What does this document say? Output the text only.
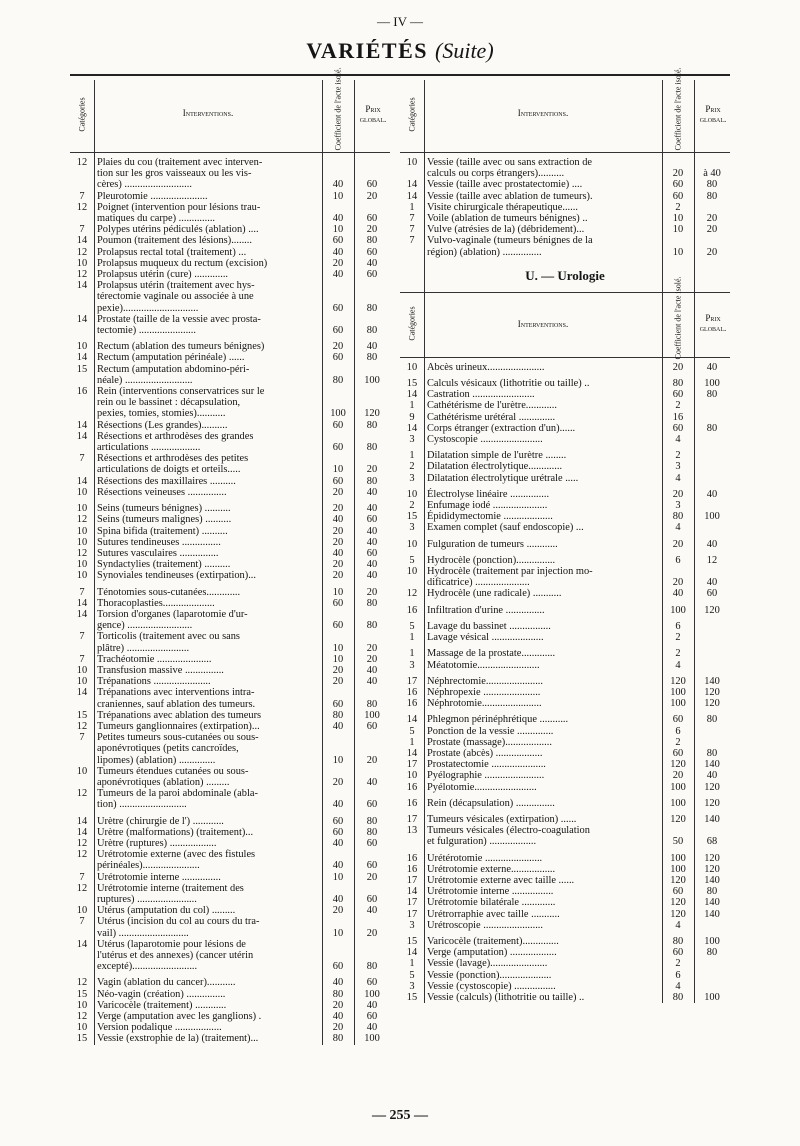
— IV —
VARIÉTÉS (Suite)
Catégories	Interventions.	Coefficient de l'acte isolé.	Prix global.
12 Plaies du cou (traitement avec interven-
tion sur les gros vaisseaux ou les vis-
cères) ..........................	40	60
7	Pleurotomie ......................	10	20
12 Poignet (intervention pour lésions trau-
matiques du carpe) ..............	40	60
7	Polypes utérins pédiculés (ablation) ....	10	20
14 Poumon (traitement des lésions)........	60	80
12 Prolapsus rectal total (traitement) ...	40	60
10 Prolapsus muqueux du rectum (excision)	20	40
12 Prolapsus utérin (cure) .............	40	60
14 Prolapsus utérin (traitement avec hys-
térectomie vaginale ou associée à une
pexie).............................	60	80
14 Prostate (taille de la vessie avec prosta-
tectomie) ......................	60	80
10 Rectum (ablation des tumeurs bénignes)	20	40
14 Rectum (amputation périnéale) ......	60	80
15 Rectum (amputation abdomino-péri-
néale) ..........................	80	100
16 Rein (interventions conservatrices sur le
rein ou le bassinet : décapsulation,
pexies, tomies, stomies)...........	100	120
14 Résections (Les grandes)..........	60	80
14 Résections et arthrodèses des grandes
articulations ...................	60	80
7	Résections et arthrodèses des petites
articulations de doigts et orteils.....	10	20
14 Résections des maxillaires ..........	60	80
10 Résections veineuses ...............	20	40
10 Seins (tumeurs bénignes) ..........	20	40
12 Seins (tumeurs malignes) ..........	40	60
10 Spina bifida (traitement) ..........	20	40
10 Sutures tendineuses ...............	20	40
12 Sutures vasculaires ...............	40	60
10 Syndactylies (traitement) ..........	20	40
10 Synoviales tendineuses (extirpation)...	20	40
7	Ténotomies sous-cutanées.............	10	20
14 Thoracoplasties....................	60	80
14 Torsion d'organes (laparotomie d'ur-
gence) .........................	60	80
7	Torticolis (traitement avec ou sans
plâtre) ........................	10	20
7	Trachéotomie .....................	10	20
10 Transfusion massive ...............	20	40
10 Trépanations ......................	20	40
14 Trépanations avec interventions intra-
craniennes, sauf ablation des tumeurs.	60	80
15 Trépanations avec ablation des tumeurs	80	100
12 Tumeurs ganglionnaires (extirpation)...	40	60
7	Petites tumeurs sous-cutanées ou sous-
aponévrotiques (petits cancroïdes,
lipomes) (ablation) ..............	10	20
10 Tumeurs étendues cutanées ou sous-
aponévrotiques (ablation) .........	20	40
12 Tumeurs de la paroi abdominale (abla-
tion) ..........................	40	60
14 Urètre (chirurgie de l') ............	60	80
14 Urètre (malformations) (traitement)...	60	80
12 Urètre (ruptures) ..................	40	60
12 Urétrotomie externe (avec des fistules
périnéales)......................	40	60
7	Urétrotomie interne ...............	10	20
12 Urétrotomie interne (traitement des
ruptures) .......................	40	60
10 Utérus (amputation du col) .........	20	40
7	Utérus (incision du col au cours du tra-
vail) ...........................	10	20
14 Utérus (laparotomie pour lésions de
l'utérus et des annexes) (cancer utérin
excepté).........................	60	80
12 Vagin (ablation du cancer)...........	40	60
15 Néo-vagin (création) ...............	80	100
10 Varicocèle (traitement) ............	20	40
12 Verge (amputation avec les ganglions) .	40	60
10 Version podalique ..................	20	40
15 Vessie (exstrophie de la) (traitement)...	80	100
Catégories	Interventions.	Coefficient de l'acte isolé.	Prix global.
10 Vessie (taille avec ou sans extraction de
calculs ou corps étrangers)..........	20	à 40
14 Vessie (taille avec prostatectomie) ....	60	80
14 Vessie (taille avec ablation de tumeurs).	60	80
1	Visite chirurgicale thérapeutique......	2
7	Voile (ablation de tumeurs bénignes) ..	10	20
7	Vulve (atrésies de la) (débridement)...	10	20
7	Vulvo-vaginale (tumeurs bénignes de la
région) (ablation) ...............	10	20
U. — Urologie
Catégories	Interventions.	Coefficient de l'acte isolé.	Prix global.
10 Abcès urineux......................	20	40
15 Calculs vésicaux (lithotritie ou taille) ..	80	100
14 Castration ........................	60	80
1	Cathétérisme de l'urètre............	2
9	Cathétérisme urétéral ..............	16
14 Corps étranger (extraction d'un)......	60	80
3	Cystoscopie ........................	4
1	Dilatation simple de l'urètre ........	2
2	Dilatation électrolytique.............	3
3	Dilatation électrolytique urétrale .....	4
10 Électrolyse linéaire ...............	20	40
2	Enfumage iodé .....................	3
15 Épididymectomie ...................	80	100
3	Examen complet (sauf endoscopie) ...	4
10 Fulguration de tumeurs ............	20	40
5	Hydrocèle (ponction)...............	6	12
10 Hydrocèle (traitement par injection mo-
dificatrice) .....................	20	40
12 Hydrocèle (une radicale) ...........	40	60
16 Infiltration d'urine ...............	100	120
5	Lavage du bassinet ................	6
1	Lavage vésical ....................	2
1	Massage de la prostate.............	2
3	Méatotomie........................	4
17 Néphrectomie......................	120	140
16 Néphropexie ......................	100	120
16 Néphrotomie.......................	100	120
14 Phlegmon périnéphrétique ...........	60	80
5	Ponction de la vessie ..............	6
1	Prostate (massage)..................	2
14 Prostate (abcès) ..................	60	80
17 Prostatectomie .....................	120	140
10 Pyélographie .......................	20	40
16 Pyélotomie........................	100	120
16 Rein (décapsulation) ...............	100	120
17 Tumeurs vésicales (extirpation) ......	120	140
13 Tumeurs vésicales (électro-coagulation
et fulguration) ..................	50	68
16 Urétérotomie ......................	100	120
16 Urétrotomie externe.................	100	120
17 Urétrotomie externe avec taille ......	120	140
14 Urétrotomie interne ................	60	80
17 Urétrotomie bilatérale .............	120	140
17 Urétrorraphie avec taille ...........	120	140
3	Urétroscopie .......................	4
15 Varicocèle (traitement)..............	80	100
14 Verge (amputation) ..................	60	80
1	Vessie (lavage)......................	2
5	Vessie (ponction)....................	6
3	Vessie (cystoscopie) ................	4
15 Vessie (calculs) (lithotritie ou taille) ..	80	100
— 255 —
